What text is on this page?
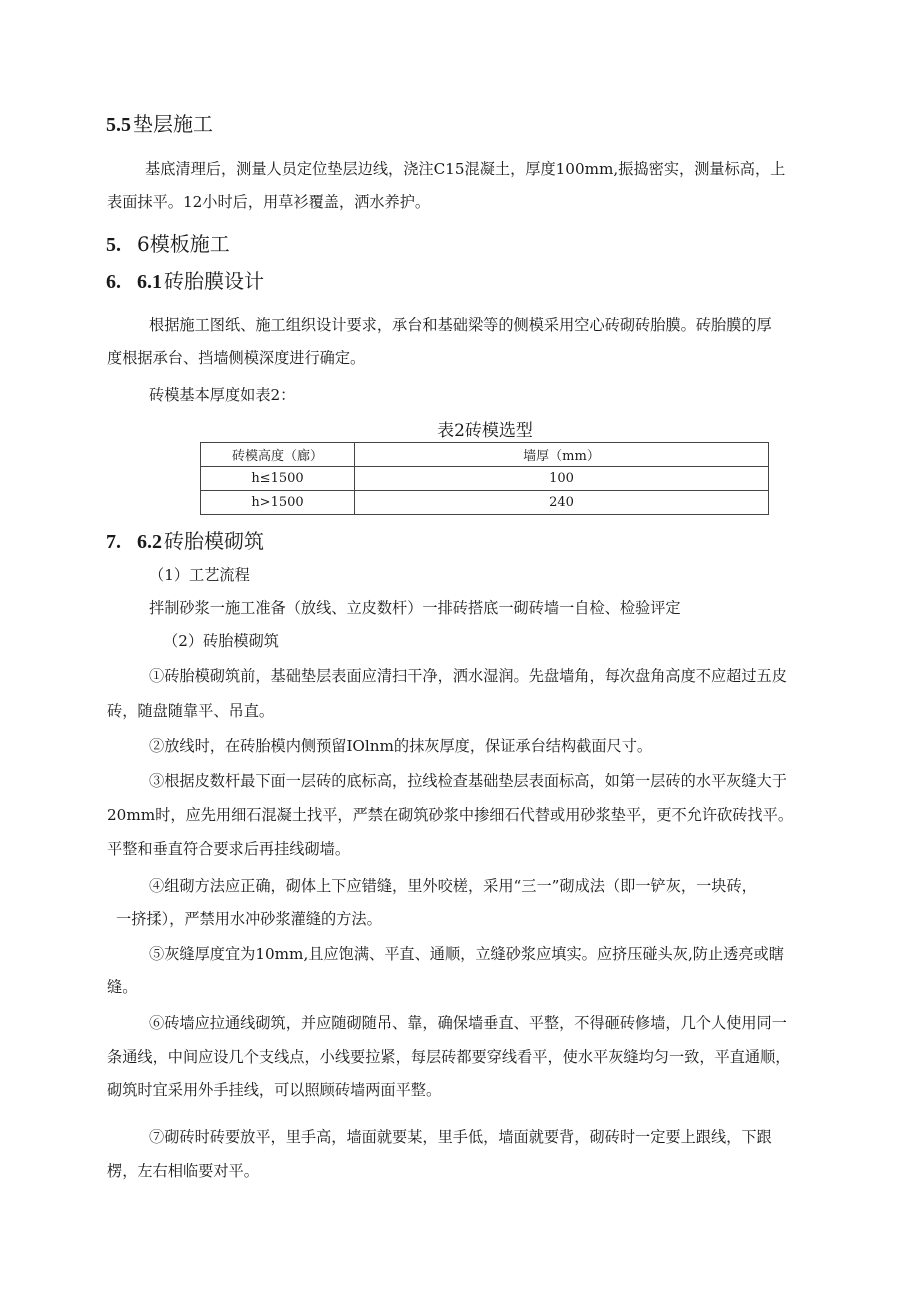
5.5 垫层施工
基底清理后，测量人员定位垫层边线，浇注C15混凝土，厚度100mm,振捣密实，测量标高，上
表面抹平。12小时后，用草衫覆盖，洒水养护。
5. 6模板施工
6. 6.1 砖胎膜设计
根据施工图纸、施工组织设计要求，承台和基础梁等的侧模采用空心砖砌砖胎膜。砖胎膜的厚
度根据承台、挡墙侧模深度进行确定。
砖模基本厚度如表2：
表2砖模选型
砖模高度（廊）	墙厚（mm）
h≤1500	100
h>1500	240
7. 6.2 砖胎模砌筑
（1）工艺流程
拌制砂浆一施工准备（放线、立皮数杆）一排砖搭底一砌砖墙一自检、检验评定
（2）砖胎模砌筑
①砖胎模砌筑前，基础垫层表面应清扫干净，洒水湿润。先盘墙角，每次盘角高度不应超过五皮
砖，随盘随靠平、吊直。
②放线时，在砖胎模内侧预留IOlnm的抹灰厚度，保证承台结构截面尺寸。
③根据皮数杆最下面一层砖的底标高，拉线检查基础垫层表面标高，如第一层砖的水平灰缝大于
20mm时，应先用细石混凝土找平，严禁在砌筑砂浆中掺细石代替或用砂浆垫平，更不允许砍砖找平。
平整和垂直符合要求后再挂线砌墙。
④组砌方法应正确，砌体上下应错缝，里外咬槎，采用“三一”砌成法（即一铲灰，一块砖，
一挤揉），严禁用水冲砂浆灌缝的方法。
⑤灰缝厚度宜为10mm,且应饱满、平直、通顺，立缝砂浆应填实。应挤压碰头灰,防止透亮或瞎
缝。
⑥砖墙应拉通线砌筑，并应随砌随吊、靠，确保墙垂直、平整，不得砸砖修墙，几个人使用同一
条通线，中间应设几个支线点，小线要拉紧，每层砖都要穿线看平，使水平灰缝均匀一致，平直通顺，
砌筑时宜采用外手挂线，可以照顾砖墙两面平整。
⑦砌砖时砖要放平，里手高，墙面就要某，里手低，墙面就要背，砌砖时一定要上跟线，下跟
楞，左右相临要对平。
